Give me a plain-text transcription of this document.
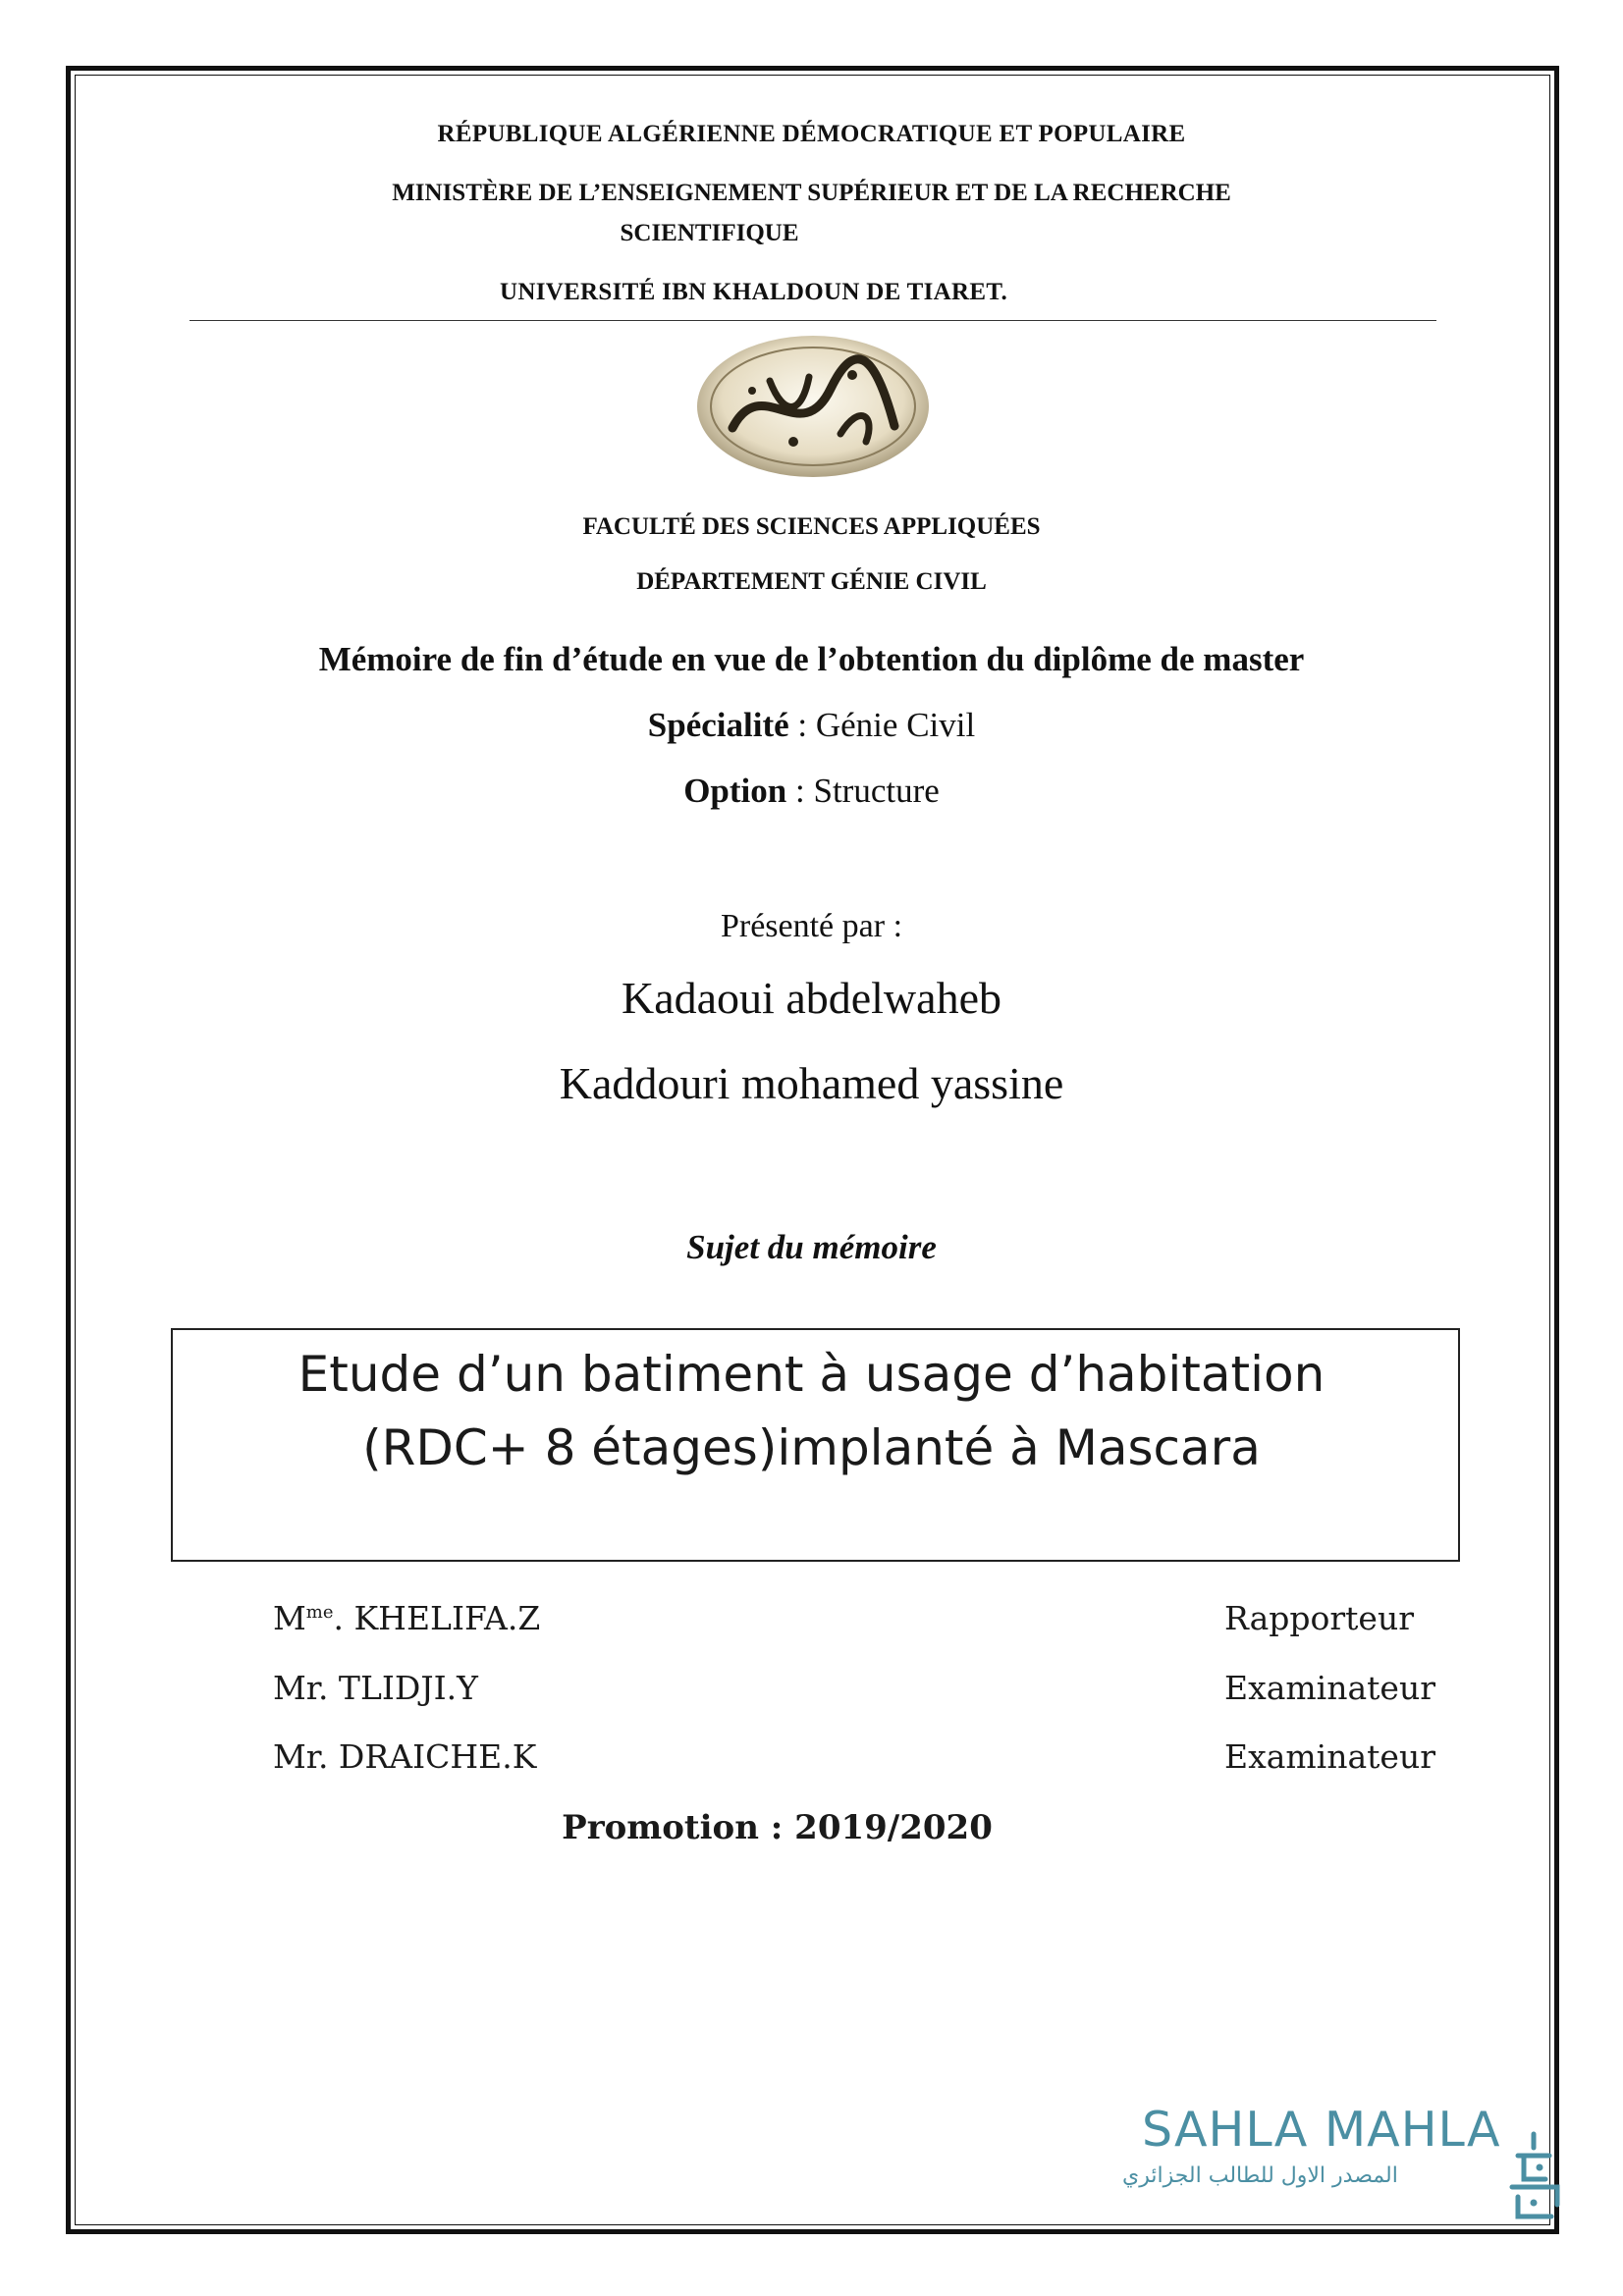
RÉPUBLIQUE ALGÉRIENNE DÉMOCRATIQUE ET POPULAIRE
MINISTÈRE DE L’ENSEIGNEMENT SUPÉRIEUR ET DE LA RECHERCHE
SCIENTIFIQUE
UNIVERSITÉ IBN KHALDOUN DE TIARET.
FACULTÉ DES SCIENCES APPLIQUÉES
DÉPARTEMENT GÉNIE CIVIL
Mémoire de fin d’étude en vue de l’obtention du diplôme de master
Spécialité : Génie Civil
Option : Structure
Présenté par :
Kadaoui abdelwaheb
Kaddouri mohamed yassine
Sujet du mémoire
Etude d’un batiment à usage d’habitation
(RDC+ 8 étages)implanté à Mascara
$M^{me}$. KHELIFA.Z	Rapporteur
Mr. TLIDJI.Y	Examinateur
Mr. DRAICHE.K	Examinateur
Promotion : 2019/2020
SAHLA MAHLA
المصدر الاول للطالب الجزائري
